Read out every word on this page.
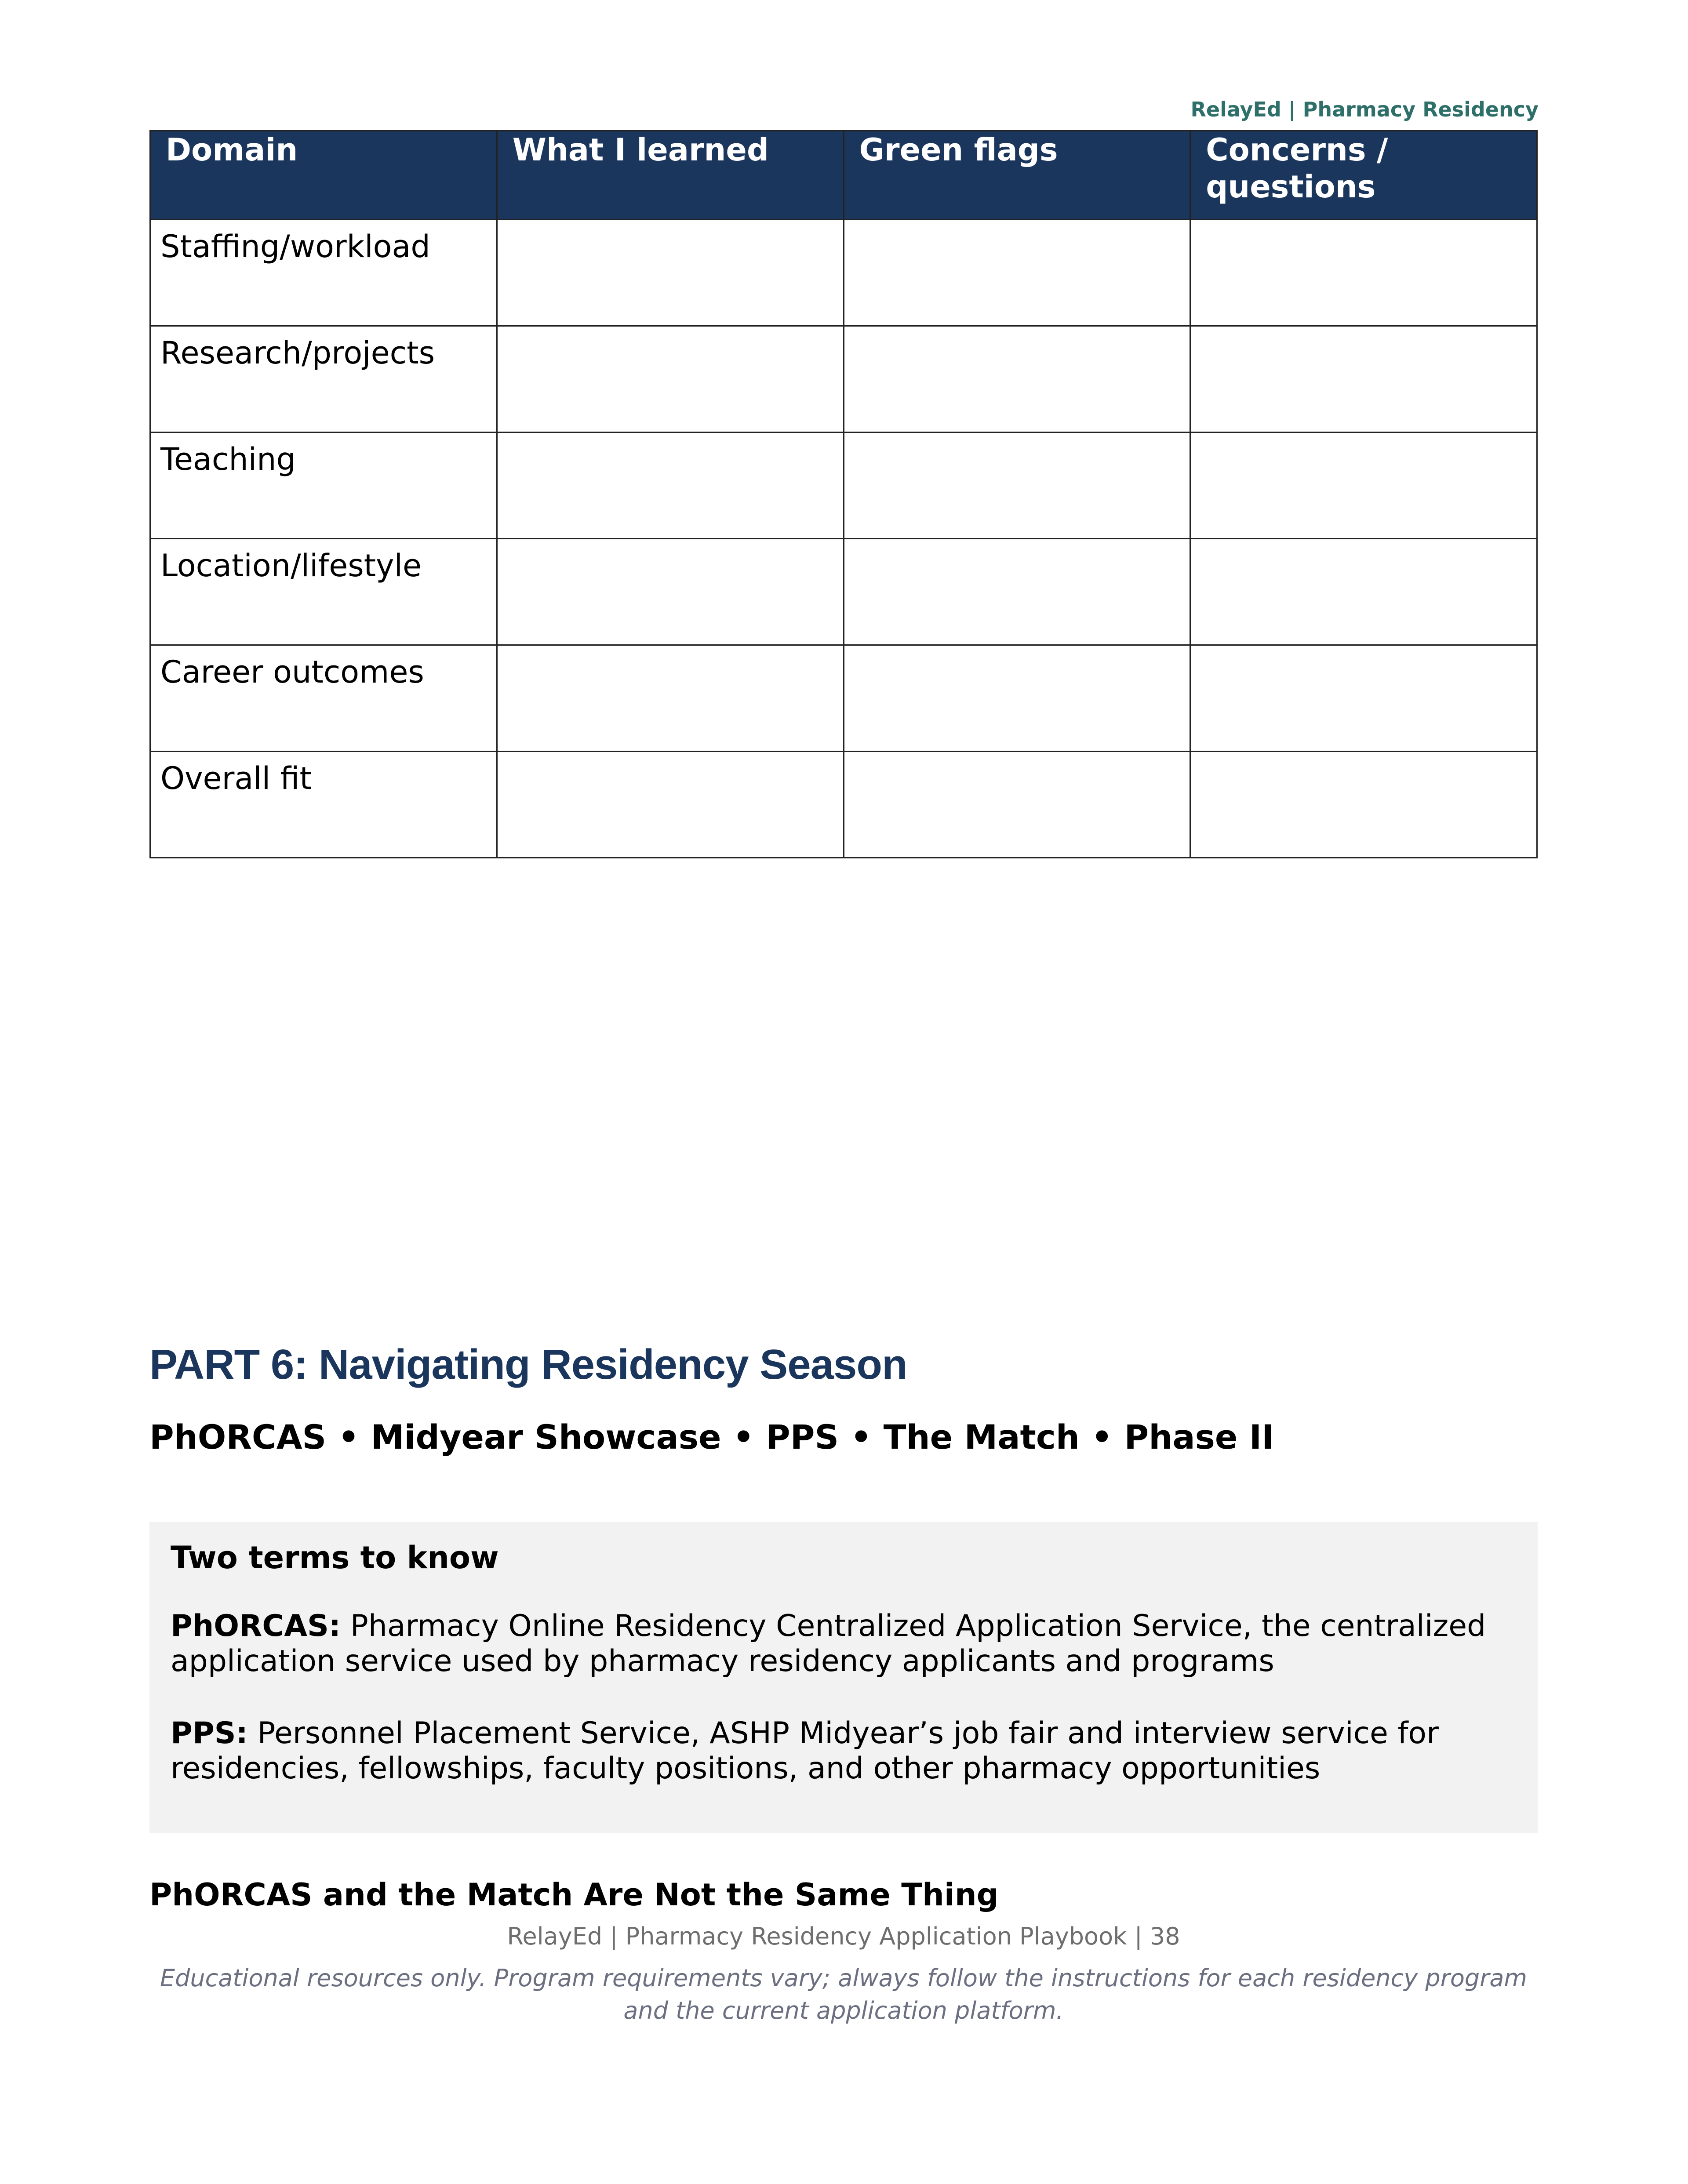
RelayEd | Pharmacy Residency
Domain	What I learned	Green flags	Concerns / questions
Staffing/workload			
Research/projects			
Teaching			
Location/lifestyle			
Career outcomes			
Overall fit			
PART 6: Navigating Residency Season
PhORCAS • Midyear Showcase • PPS • The Match • Phase II
Two terms to know
PhORCAS: Pharmacy Online Residency Centralized Application Service, the centralized application service used by pharmacy residency applicants and programs
PPS: Personnel Placement Service, ASHP Midyear’s job fair and interview service for residencies, fellowships, faculty positions, and other pharmacy opportunities
PhORCAS and the Match Are Not the Same Thing
RelayEd | Pharmacy Residency Application Playbook | 38
Educational resources only. Program requirements vary; always follow the instructions for each residency program and the current application platform.
